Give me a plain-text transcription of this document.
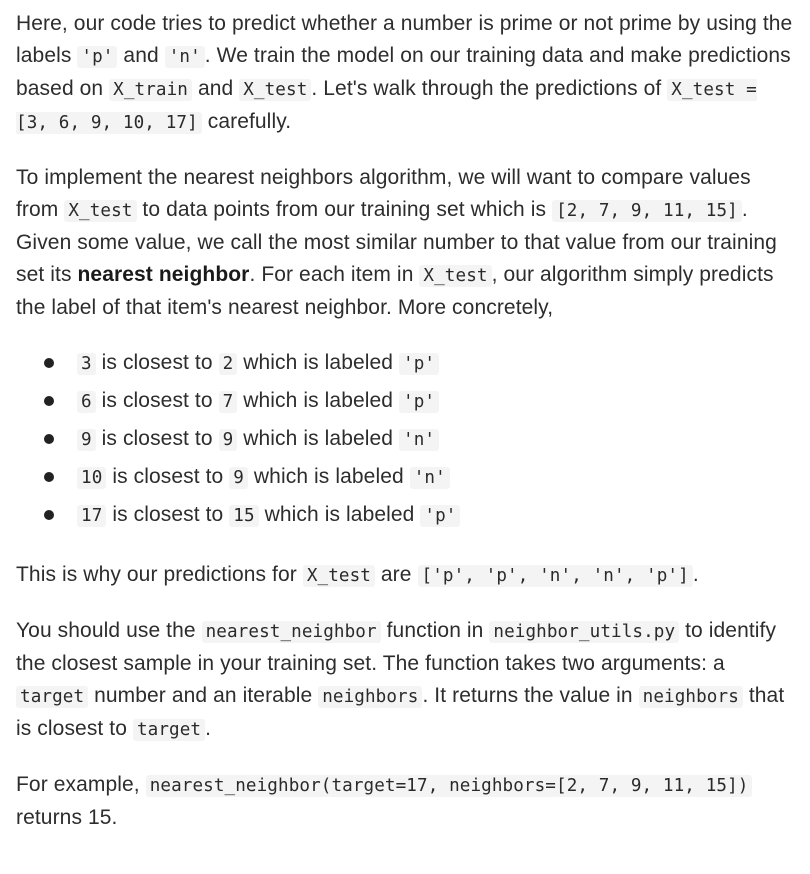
Here, our code tries to predict whether a number is prime or not prime by using the labels 'p' and 'n' . We train the model on our training data and make predictions based on X_train and X_test . Let's walk through the predictions of X_test = [3, 6, 9, 10, 17] carefully.

To implement the nearest neighbors algorithm, we will want to compare values from X_test to data points from our training set which is [2, 7, 9, 11, 15] . Given some value, we call the most similar number to that value from our training set its nearest neighbor. For each item in X_test , our algorithm simply predicts the label of that item's nearest neighbor. More concretely,

3 is closest to 2 which is labeled 'p'
6 is closest to 7 which is labeled 'p'
9 is closest to 9 which is labeled 'n'
10 is closest to 9 which is labeled 'n'
17 is closest to 15 which is labeled 'p'

This is why our predictions for X_test are ['p', 'p', 'n', 'n', 'p'] .

You should use the nearest_neighbor function in neighbor_utils.py to identify the closest sample in your training set. The function takes two arguments: a target number and an iterable neighbors . It returns the value in neighbors that is closest to target .

For example, nearest_neighbor(target=17, neighbors=[2, 7, 9, 11, 15]) returns 15.
